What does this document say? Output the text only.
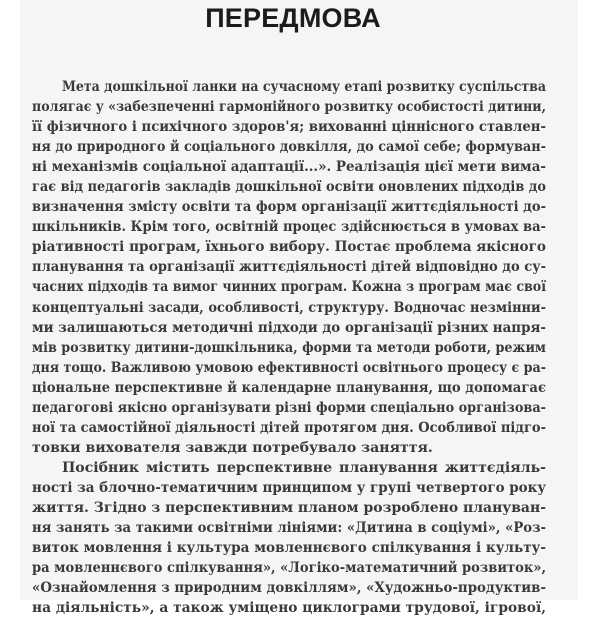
ПЕРЕДМОВА
Мета дошкільної ланки на сучасному етапі розвитку суспільства
полягає у «забезпеченні гармонійного розвитку особистості дитини,
її фізичного і психічного здоров'я; вихованні ціннісного ставлен-
ня до природного й соціального довкілля, до самої себе; формуван-
ні механізмів соціальної адаптації...». Реалізація цієї мети вима-
гає від педагогів закладів дошкільної освіти оновлених підходів до
визначення змісту освіти та форм організації життєдіяльності до-
шкільників. Крім того, освітній процес здійснюється в умовах ва-
ріативності програм, їхнього вибору. Постає проблема якісного
планування та організації життєдіяльності дітей відповідно до су-
часних підходів та вимог чинних програм. Кожна з програм має свої
концептуальні засади, особливості, структуру. Водночас незмінни-
ми залишаються методичні підходи до організації різних напря-
мів розвитку дитини-дошкільника, форми та методи роботи, режим
дня тощо. Важливою умовою ефективності освітнього процесу є ра-
ціональне перспективне й календарне планування, що допомагає
педагогові якісно організувати різні форми спеціально організова-
ної та самостійної діяльності дітей протягом дня. Особливої підго-
товки вихователя завжди потребувало заняття.
Посібник містить перспективне планування життєдіяль-
ності за блочно-тематичним принципом у групі четвертого року
життя. Згідно з перспективним планом розроблено плануван-
ня занять за такими освітніми лініями: «Дитина в соціумі», «Роз-
виток мовлення і культура мовленнєвого спілкування і культу-
ра мовленнєвого спілкування», «Логіко-математичний розвиток»,
«Ознайомлення з природним довкіллям», «Художньо-продуктив-
на діяльність», а також уміщено циклограми трудової, ігрової,
